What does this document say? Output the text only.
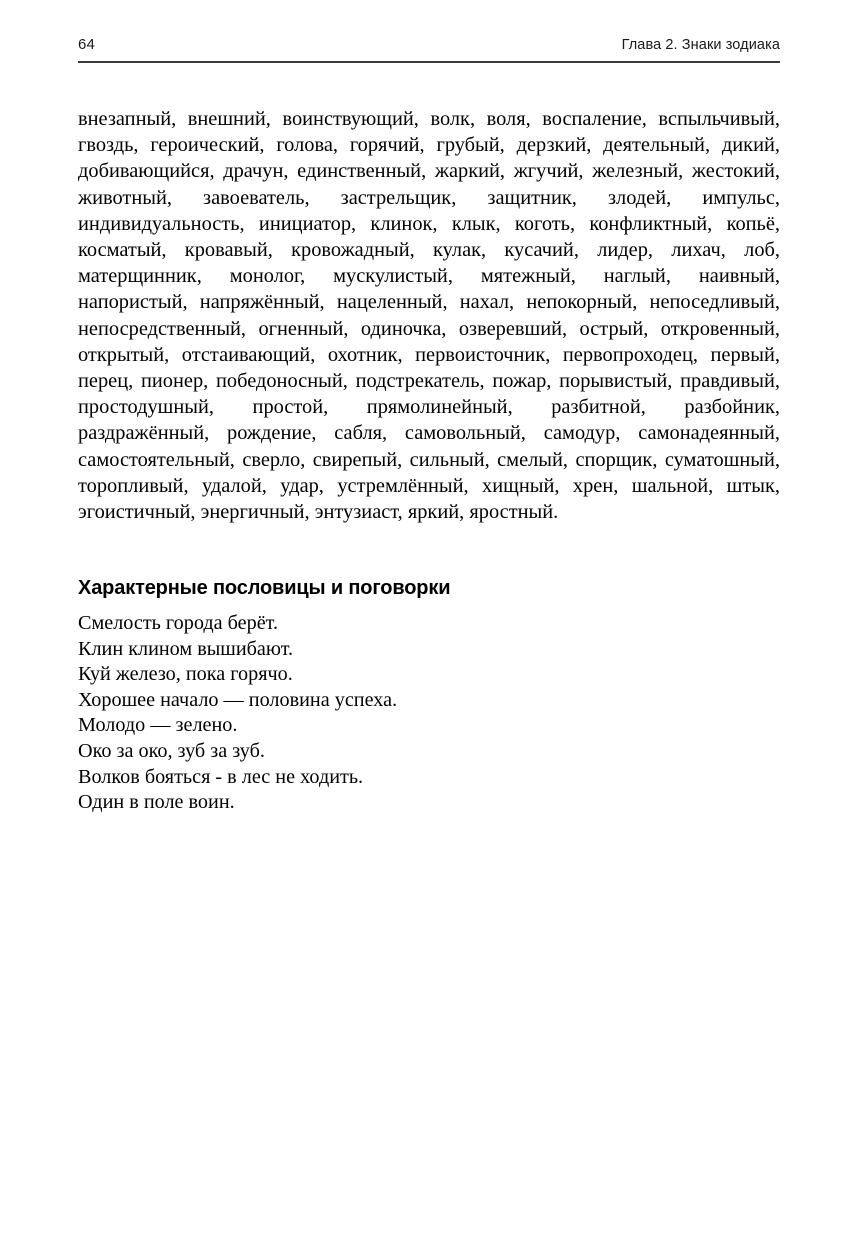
64	Глава 2. Знаки зодиака

внезапный, внешний, воинствующий, волк, воля, воспаление, вспыльчивый, гвоздь, героический, голова, горячий, грубый, дерзкий, деятельный, дикий, добивающийся, драчун, единственный, жаркий, жгучий, железный, жестокий, животный, завоеватель, застрельщик, защитник, злодей, импульс, индивидуальность, инициатор, клинок, клык, коготь, конфликтный, копьё, косматый, кровавый, кровожадный, кулак, кусачий, лидер, лихач, лоб, матерщинник, монолог, мускулистый, мятежный, наглый, наивный, напористый, напряжённый, нацеленный, нахал, непокорный, непоседливый, непосредственный, огненный, одиночка, озверевший, острый, откровенный, открытый, отстаивающий, охотник, первоисточник, первопроходец, первый, перец, пионер, победоносный, подстрекатель, пожар, порывистый, правдивый, простодушный, простой, прямолинейный, разбитной, разбойник, раздражённый, рождение, сабля, самовольный, самодур, самонадеянный, самостоятельный, сверло, свирепый, сильный, смелый, спорщик, суматошный, торопливый, удалой, удар, устремлённый, хищный, хрен, шальной, штык, эгоистичный, энергичный, энтузиаст, яркий, яростный.

Характерные пословицы и поговорки
Смелость города берёт.
Клин клином вышибают.
Куй железо, пока горячо.
Хорошее начало — половина успеха.
Молодо — зелено.
Око за око, зуб за зуб.
Волков бояться - в лес не ходить.
Один в поле воин.
